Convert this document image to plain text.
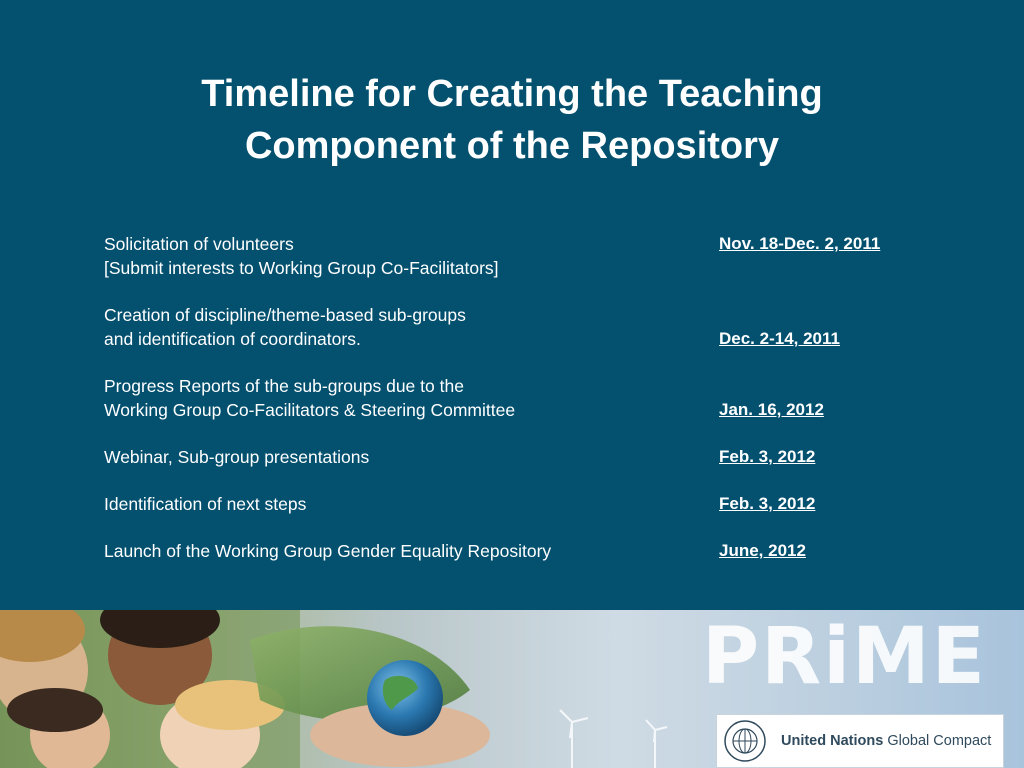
Timeline for Creating the Teaching
Component of the Repository
Nov. 18-Dec. 2, 2011
Solicitation of volunteers
[Submit interests to Working Group Co-Facilitators]
Dec. 2-14, 2011
Creation of discipline/theme-based sub-groups
and identification of coordinators.
Jan. 16, 2012
Progress Reports of the sub-groups due to the
Working Group Co-Facilitators & Steering Committee
Feb. 3, 2012
Webinar, Sub-group presentations
Feb. 3, 2012
Identification of next steps
June, 2012
Launch of the Working Group Gender Equality Repository
PRiME
United Nations Global Compact
